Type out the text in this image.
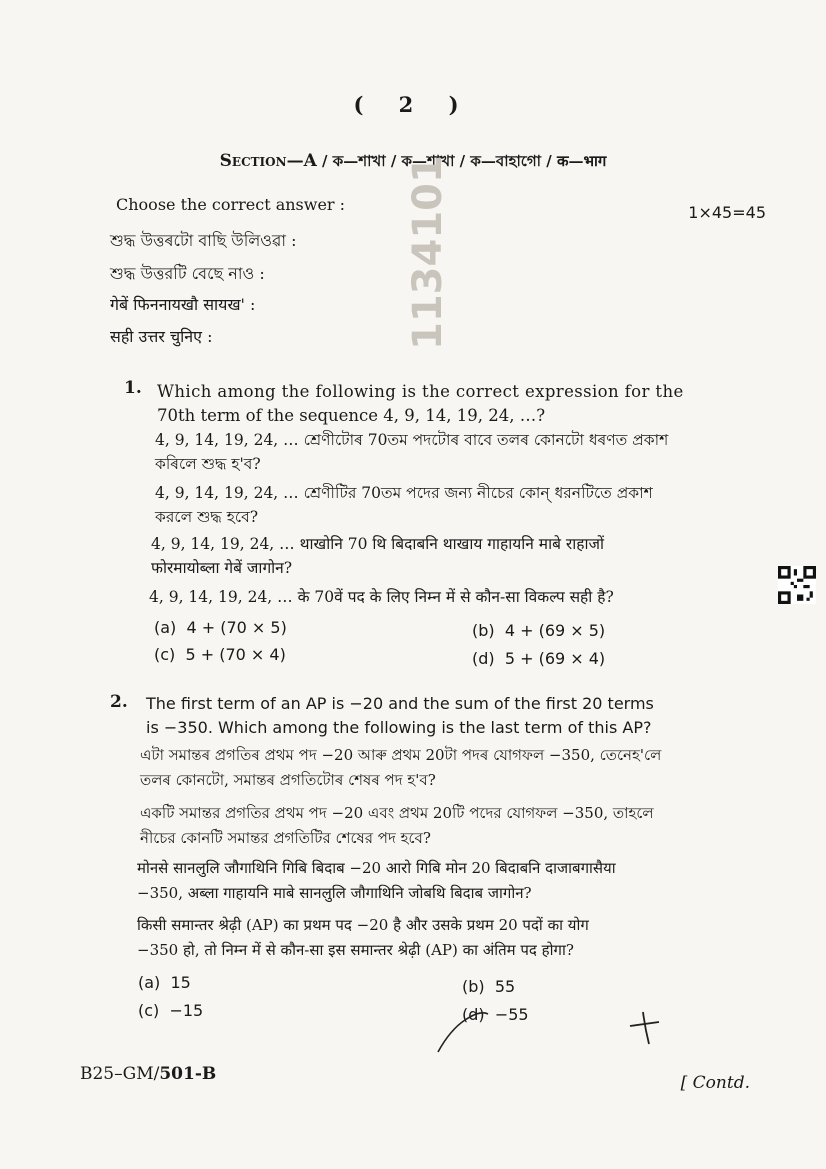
( 2 )
Section—A / ক—শাখা / ক—শাখা / ক—বাহাগো / क—भाग
Choose the correct answer :
শুদ্ধ উত্তৰটো বাছি উলিওৱা :
শুদ্ধ উত্তরটি বেছে নাও :
गेबें फिननायखौ सायख' :
सही उत्तर चुनिए :
1×45=45
1134101
1. Which among the following is the correct expression for the
70th term of the sequence 4, 9, 14, 19, 24, …?
4, 9, 14, 19, 24, … শ্রেণীটোৰ 70তম পদটোৰ বাবে তলৰ কোনটো ধৰণত প্রকাশ
কৰিলে শুদ্ধ হ'ব?
4, 9, 14, 19, 24, … শ্রেণীটির 70তম পদের জন্য নীচের কোন্ ধরনটিতে প্রকাশ
করলে শুদ্ধ হবে?
4, 9, 14, 19, 24, … थाखोनि 70 थि बिदाबनि थाखाय गाहायनि माबे राहाजों
फोरमायोब्ला गेबें जागोन?
4, 9, 14, 19, 24, … के 70वें पद के लिए निम्न में से कौन-सा विकल्प सही है?
(a) 4 + (70 × 5)	(b) 4 + (69 × 5)
(c) 5 + (70 × 4)	(d) 5 + (69 × 4)
2. The first term of an AP is −20 and the sum of the first 20 terms
is −350. Which among the following is the last term of this AP?
এটা সমান্তৰ প্রগতিৰ প্রথম পদ −20 আৰু প্রথম 20টা পদৰ যোগফল −350, তেনেহ'লে
তলৰ কোনটো, সমান্তৰ প্রগতিটোৰ শেষৰ পদ হ'ব?
একটি সমান্তর প্রগতির প্রথম পদ −20 এবং প্রথম 20টি পদের যোগফল −350, তাহলে
নীচের কোনটি সমান্তর প্রগতিটির শেষের পদ হবে?
मोनसे सानलुलि जौगाथिनि गिबि बिदाब −20 आरो गिबि मोन 20 बिदाबनि दाजाबगासैया
−350, अब्ला गाहायनि माबे सानलुलि जौगाथिनि जोबथि बिदाब जागोन?
किसी समान्तर श्रेढ़ी (AP) का प्रथम पद −20 है और उसके प्रथम 20 पदों का योग
−350 हो, तो निम्न में से कौन-सा इस समान्तर श्रेढ़ी (AP) का अंतिम पद होगा?
(a) 15	(b) 55
(c) −15	(d) −55
B25–GM/501-B	[ Contd.
